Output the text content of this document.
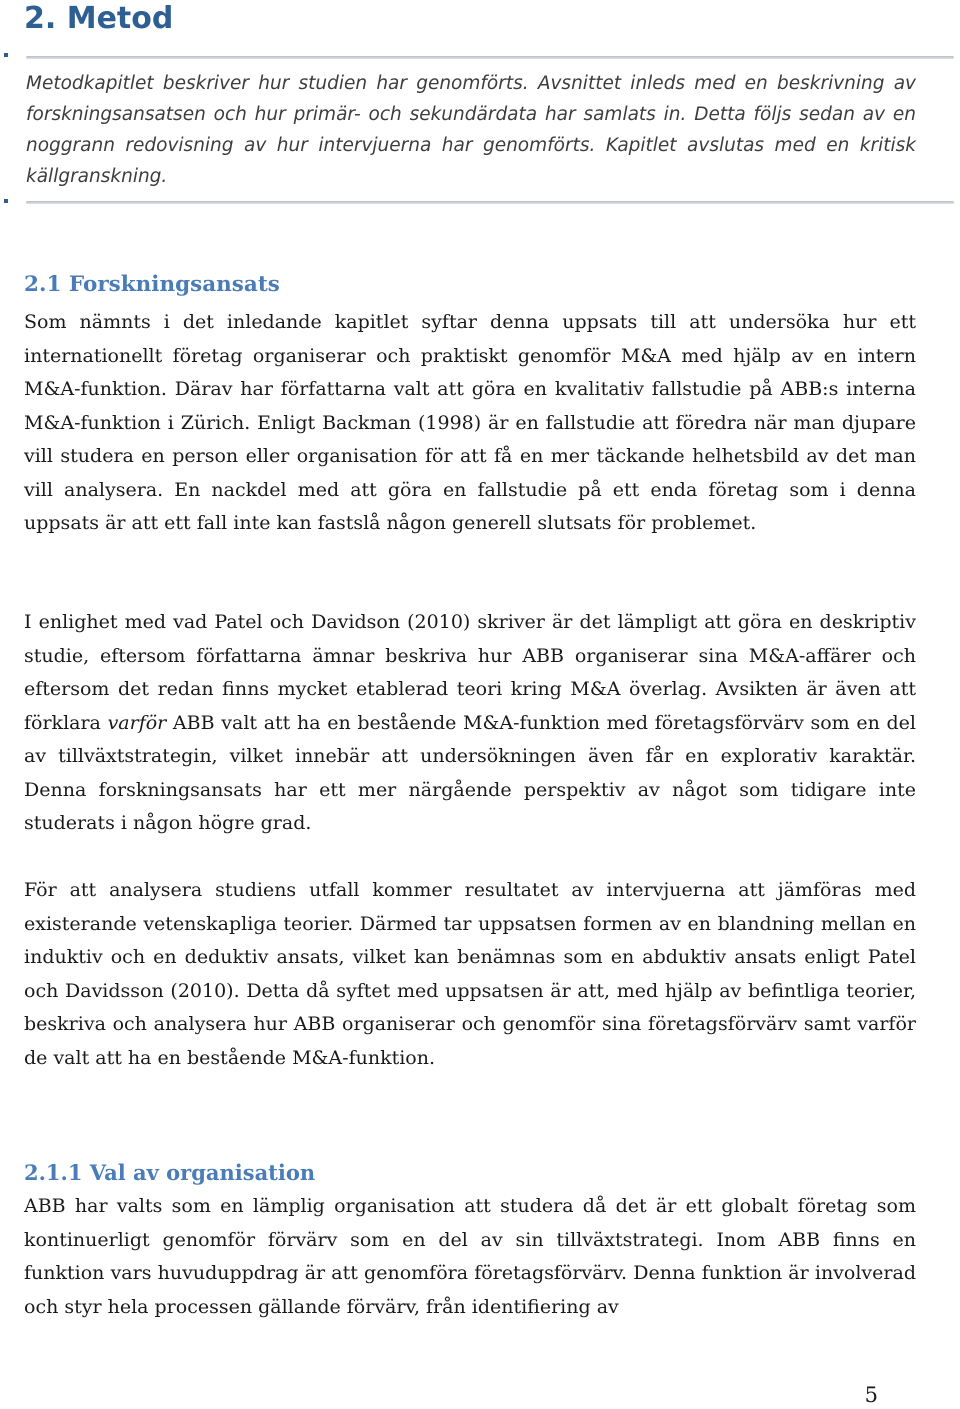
2. Metod

Metodkapitlet beskriver hur studien har genomförts. Avsnittet inleds med en beskrivning av forskningsansatsen och hur primär- och sekundärdata har samlats in. Detta följs sedan av en noggrann redovisning av hur intervjuerna har genomförts. Kapitlet avslutas med en kritisk källgranskning.

2.1 Forskningsansats

Som nämnts i det inledande kapitlet syftar denna uppsats till att undersöka hur ett internationellt företag organiserar och praktiskt genomför M&A med hjälp av en intern M&A-funktion. Därav har författarna valt att göra en kvalitativ fallstudie på ABB:s interna M&A-funktion i Zürich. Enligt Backman (1998) är en fallstudie att föredra när man djupare vill studera en person eller organisation för att få en mer täckande helhetsbild av det man vill analysera. En nackdel med att göra en fallstudie på ett enda företag som i denna uppsats är att ett fall inte kan fastslå någon generell slutsats för problemet.

I enlighet med vad Patel och Davidson (2010) skriver är det lämpligt att göra en deskriptiv studie, eftersom författarna ämnar beskriva hur ABB organiserar sina M&A-affärer och eftersom det redan finns mycket etablerad teori kring M&A överlag. Avsikten är även att förklara varför ABB valt att ha en bestående M&A-funktion med företagsförvärv som en del av tillväxtstrategin, vilket innebär att undersökningen även får en explorativ karaktär. Denna forskningsansats har ett mer närgående perspektiv av något som tidigare inte studerats i någon högre grad.

För att analysera studiens utfall kommer resultatet av intervjuerna att jämföras med existerande vetenskapliga teorier. Därmed tar uppsatsen formen av en blandning mellan en induktiv och en deduktiv ansats, vilket kan benämnas som en abduktiv ansats enligt Patel och Davidsson (2010). Detta då syftet med uppsatsen är att, med hjälp av befintliga teorier, beskriva och analysera hur ABB organiserar och genomför sina företagsförvärv samt varför de valt att ha en bestående M&A-funktion.

2.1.1 Val av organisation

ABB har valts som en lämplig organisation att studera då det är ett globalt företag som kontinuerligt genomför förvärv som en del av sin tillväxtstrategi. Inom ABB finns en funktion vars huvuduppdrag är att genomföra företagsförvärv. Denna funktion är involverad och styr hela processen gällande förvärv, från identifiering av

5
